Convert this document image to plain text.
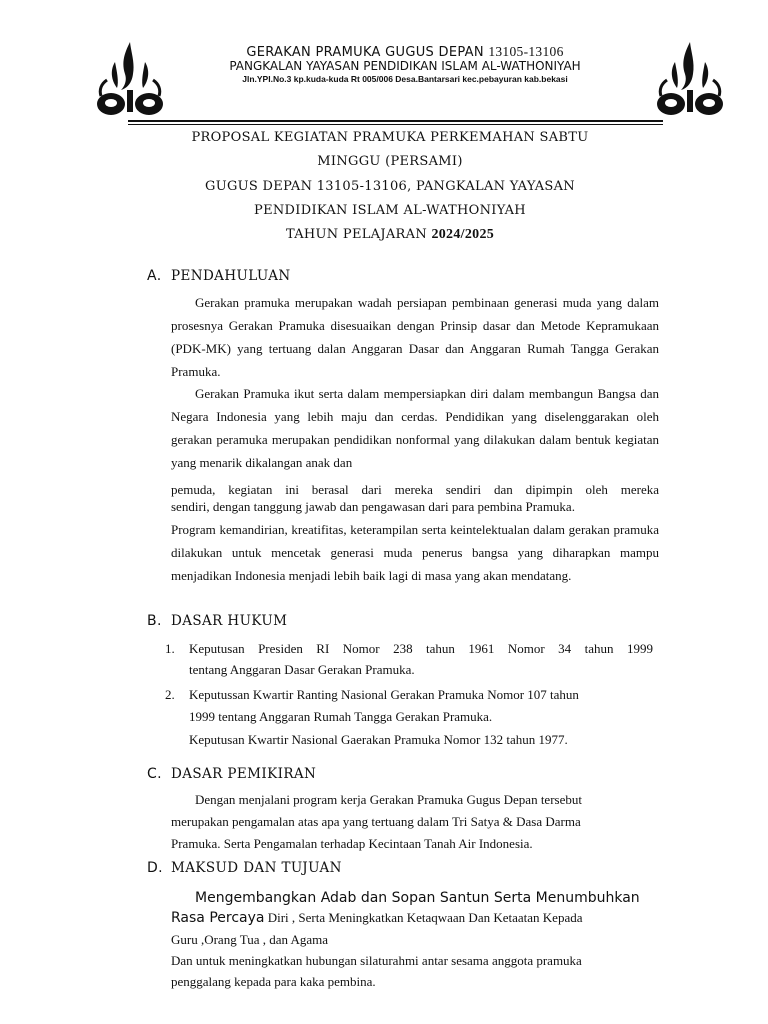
GERAKAN PRAMUKA GUGUS DEPAN 13105-13106
PANGKALAN YAYASAN PENDIDIKAN ISLAM AL-WATHONIYAH
Jln.YPI.No.3 kp.kuda-kuda Rt 005/006 Desa.Bantarsari kec.pebayuran kab.bekasi
PROPOSAL KEGIATAN PRAMUKA PERKEMAHAN SABTU
MINGGU (PERSAMI)
GUGUS DEPAN 13105-13106, PANGKALAN YAYASAN
PENDIDIKAN ISLAM AL-WATHONIYAH
TAHUN PELAJARAN 2024/2025
A. PENDAHULUAN
Gerakan pramuka merupakan wadah persiapan pembinaan generasi muda yang dalam prosesnya Gerakan Pramuka disesuaikan dengan Prinsip dasar dan Metode Kepramukaan (PDK-MK) yang tertuang dalan Anggaran Dasar dan Anggaran Rumah Tangga Gerakan Pramuka.
Gerakan Pramuka ikut serta dalam mempersiapkan diri dalam membangun Bangsa dan Negara Indonesia yang lebih maju dan cerdas. Pendidikan yang diselenggarakan oleh gerakan peramuka merupakan pendidikan nonformal yang dilakukan dalam bentuk kegiatan yang menarik dikalangan anak dan
pemuda, kegiatan ini berasal dari mereka sendiri dan dipimpin oleh mereka
sendiri, dengan tanggung jawab dan pengawasan dari para pembina Pramuka.
Program kemandirian, kreatifitas, keterampilan serta keintelektualan dalam gerakan pramuka dilakukan untuk mencetak generasi muda penerus bangsa yang diharapkan mampu menjadikan Indonesia menjadi lebih baik lagi di masa yang akan mendatang.
B. DASAR HUKUM
1. Keputusan Presiden RI Nomor 238 tahun 1961 Nomor 34 tahun 1999
tentang Anggaran Dasar Gerakan Pramuka.
2. Keputussan Kwartir Ranting Nasional Gerakan Pramuka Nomor 107 tahun
1999 tentang Anggaran Rumah Tangga Gerakan Pramuka.
Keputusan Kwartir Nasional Gaerakan Pramuka Nomor 132 tahun 1977.
C. DASAR PEMIKIRAN
Dengan menjalani program kerja Gerakan Pramuka Gugus Depan tersebut
merupakan pengamalan atas apa yang tertuang dalam Tri Satya & Dasa Darma
Pramuka. Serta Pengamalan terhadap Kecintaan Tanah Air Indonesia.
D. MAKSUD DAN TUJUAN
Mengembangkan Adab dan Sopan Santun Serta Menumbuhkan
Rasa Percaya Diri , Serta Meningkatkan Ketaqwaan Dan Ketaatan Kepada
Guru ,Orang Tua , dan Agama
Dan untuk meningkatkan hubungan silaturahmi antar sesama anggota pramuka
penggalang kepada para kaka pembina.
